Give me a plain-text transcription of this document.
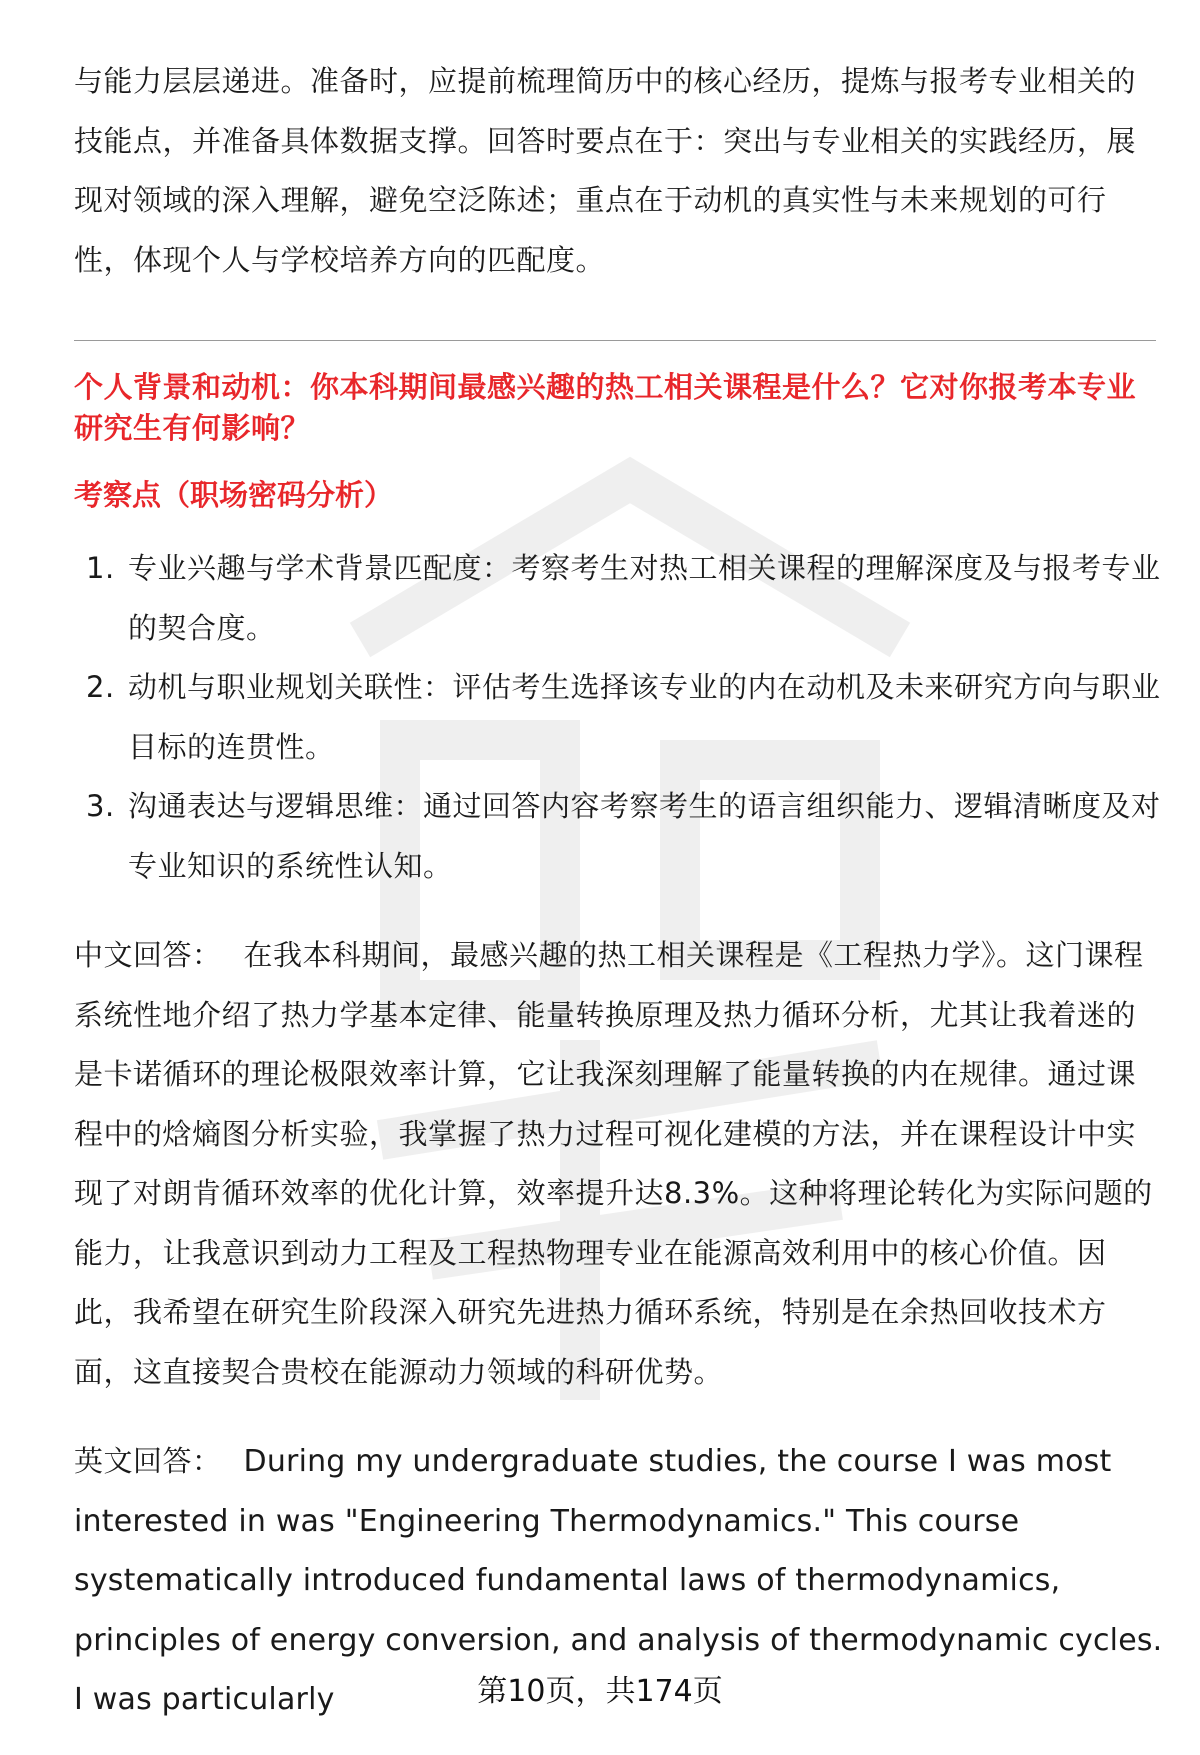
与能力层层递进。准备时，应提前梳理简历中的核心经历，提炼与报考专业相关的技能点，并准备具体数据支撑。回答时要点在于：突出与专业相关的实践经历，展现对领域的深入理解，避免空泛陈述；重点在于动机的真实性与未来规划的可行性，体现个人与学校培养方向的匹配度。

个人背景和动机：你本科期间最感兴趣的热工相关课程是什么？它对你报考本专业研究生有何影响？

考察点（职场密码分析）

1. 专业兴趣与学术背景匹配度：考察考生对热工相关课程的理解深度及与报考专业的契合度。
2. 动机与职业规划关联性：评估考生选择该专业的内在动机及未来研究方向与职业目标的连贯性。
3. 沟通表达与逻辑思维：通过回答内容考察考生的语言组织能力、逻辑清晰度及对专业知识的系统性认知。

中文回答： 在我本科期间，最感兴趣的热工相关课程是《工程热力学》。这门课程系统性地介绍了热力学基本定律、能量转换原理及热力循环分析，尤其让我着迷的是卡诺循环的理论极限效率计算，它让我深刻理解了能量转换的内在规律。通过课程中的焓熵图分析实验，我掌握了热力过程可视化建模的方法，并在课程设计中实现了对朗肯循环效率的优化计算，效率提升达8.3%。这种将理论转化为实际问题的能力，让我意识到动力工程及工程热物理专业在能源高效利用中的核心价值。因此，我希望在研究生阶段深入研究先进热力循环系统，特别是在余热回收技术方面，这直接契合贵校在能源动力领域的科研优势。

英文回答： During my undergraduate studies, the course I was most interested in was "Engineering Thermodynamics." This course systematically introduced fundamental laws of thermodynamics, principles of energy conversion, and analysis of thermodynamic cycles. I was particularly	第10页，共174页
